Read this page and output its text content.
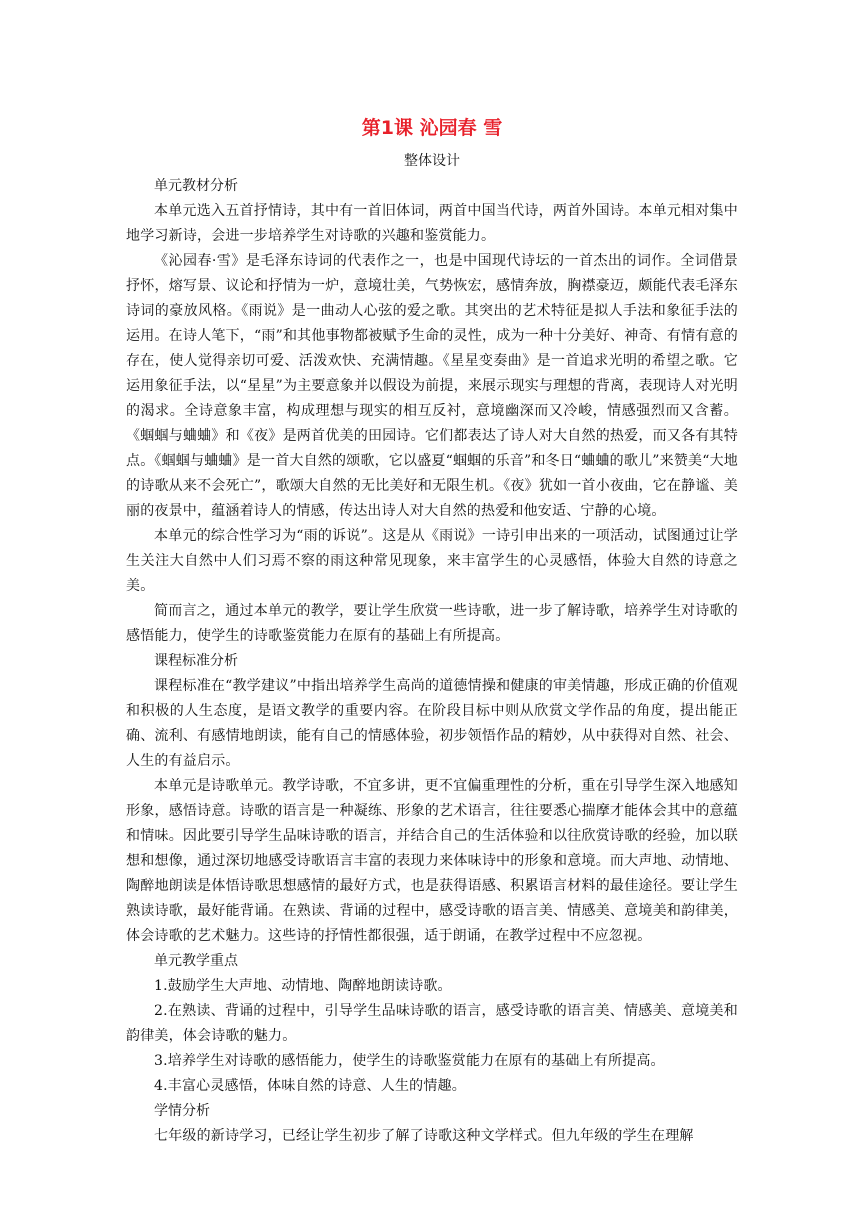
第1课 沁园春 雪
整体设计
单元教材分析

本单元选入五首抒情诗，其中有一首旧体词，两首中国当代诗，两首外国诗。本单元相对集中地学习新诗，会进一步培养学生对诗歌的兴趣和鉴赏能力。

《沁园春·雪》是毛泽东诗词的代表作之一，也是中国现代诗坛的一首杰出的词作。全词借景抒怀，熔写景、议论和抒情为一炉，意境壮美，气势恢宏，感情奔放，胸襟豪迈，颇能代表毛泽东诗词的豪放风格。《雨说》是一曲动人心弦的爱之歌。其突出的艺术特征是拟人手法和象征手法的运用。在诗人笔下，“雨”和其他事物都被赋予生命的灵性，成为一种十分美好、神奇、有情有意的存在，使人觉得亲切可爱、活泼欢快、充满情趣。《星星变奏曲》是一首追求光明的希望之歌。它运用象征手法，以“星星”为主要意象并以假设为前提，来展示现实与理想的背离，表现诗人对光明的渴求。全诗意象丰富，构成理想与现实的相互反衬，意境幽深而又冷峻，情感强烈而又含蓄。《蝈蝈与蛐蛐》和《夜》是两首优美的田园诗。它们都表达了诗人对大自然的热爱，而又各有其特点。《蝈蝈与蛐蛐》是一首大自然的颂歌，它以盛夏“蝈蝈的乐音”和冬日“蛐蛐的歌儿”来赞美“大地的诗歌从来不会死亡”，歌颂大自然的无比美好和无限生机。《夜》犹如一首小夜曲，它在静谧、美丽的夜景中，蕴涵着诗人的情感，传达出诗人对大自然的热爱和他安适、宁静的心境。

本单元的综合性学习为“雨的诉说”。这是从《雨说》一诗引申出来的一项活动，试图通过让学生关注大自然中人们习焉不察的雨这种常见现象，来丰富学生的心灵感悟，体验大自然的诗意之美。

简而言之，通过本单元的教学，要让学生欣赏一些诗歌，进一步了解诗歌，培养学生对诗歌的感悟能力，使学生的诗歌鉴赏能力在原有的基础上有所提高。

课程标准分析

课程标准在“教学建议”中指出培养学生高尚的道德情操和健康的审美情趣，形成正确的价值观和积极的人生态度，是语文教学的重要内容。在阶段目标中则从欣赏文学作品的角度，提出能正确、流利、有感情地朗读，能有自己的情感体验，初步领悟作品的精妙，从中获得对自然、社会、人生的有益启示。

本单元是诗歌单元。教学诗歌，不宜多讲，更不宜偏重理性的分析，重在引导学生深入地感知形象，感悟诗意。诗歌的语言是一种凝练、形象的艺术语言，往往要悉心揣摩才能体会其中的意蕴和情味。因此要引导学生品味诗歌的语言，并结合自己的生活体验和以往欣赏诗歌的经验，加以联想和想像，通过深切地感受诗歌语言丰富的表现力来体味诗中的形象和意境。而大声地、动情地、陶醉地朗读是体悟诗歌思想感情的最好方式，也是获得语感、积累语言材料的最佳途径。要让学生熟读诗歌，最好能背诵。在熟读、背诵的过程中，感受诗歌的语言美、情感美、意境美和韵律美，体会诗歌的艺术魅力。这些诗的抒情性都很强，适于朗诵，在教学过程中不应忽视。

单元教学重点

1.鼓励学生大声地、动情地、陶醉地朗读诗歌。

2.在熟读、背诵的过程中，引导学生品味诗歌的语言，感受诗歌的语言美、情感美、意境美和韵律美，体会诗歌的魅力。

3.培养学生对诗歌的感悟能力，使学生的诗歌鉴赏能力在原有的基础上有所提高。

4.丰富心灵感悟，体味自然的诗意、人生的情趣。

学情分析

七年级的新诗学习，已经让学生初步了解了诗歌这种文学样式。但九年级的学生在理解
